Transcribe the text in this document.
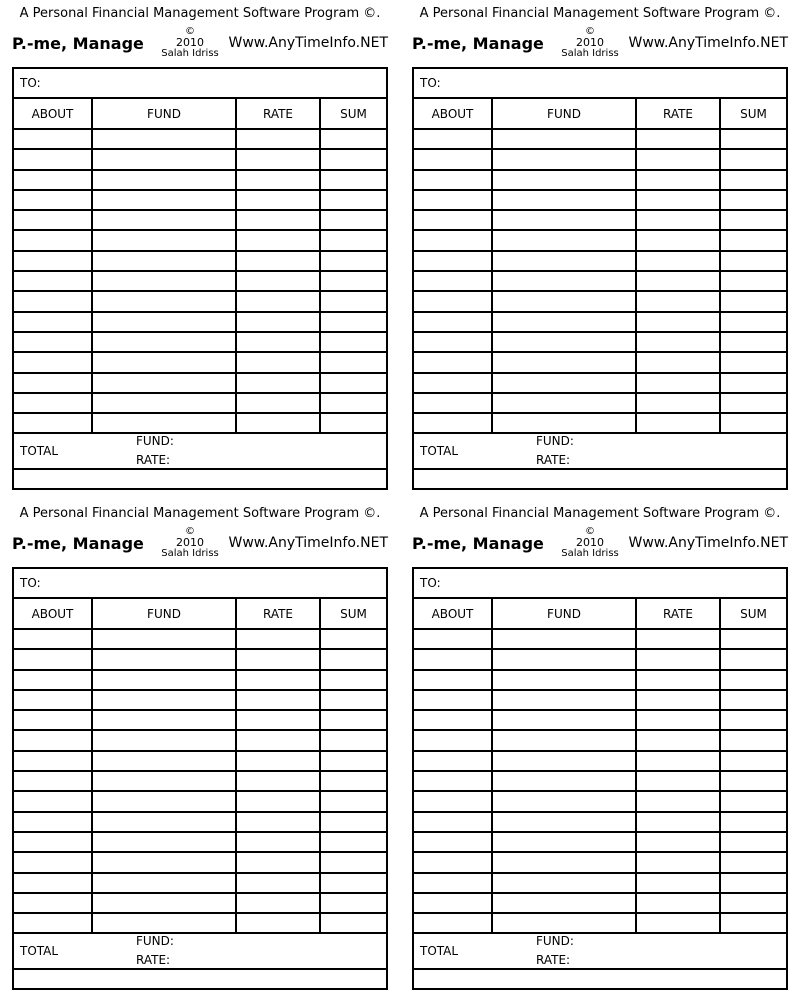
A Personal Financial Management Software Program ©.
P.-me, Manage
©
2010
Salah Idriss
Www.AnyTimeInfo.NET
TO:
ABOUT	FUND	RATE	SUM

TOTAL
FUND:
RATE:
A Personal Financial Management Software Program ©.
P.-me, Manage
©
2010
Salah Idriss
Www.AnyTimeInfo.NET
TO:
ABOUT	FUND	RATE	SUM

TOTAL
FUND:
RATE:
A Personal Financial Management Software Program ©.
P.-me, Manage
©
2010
Salah Idriss
Www.AnyTimeInfo.NET
TO:
ABOUT	FUND	RATE	SUM

TOTAL
FUND:
RATE:
A Personal Financial Management Software Program ©.
P.-me, Manage
©
2010
Salah Idriss
Www.AnyTimeInfo.NET
TO:
ABOUT	FUND	RATE	SUM

TOTAL
FUND:
RATE:
